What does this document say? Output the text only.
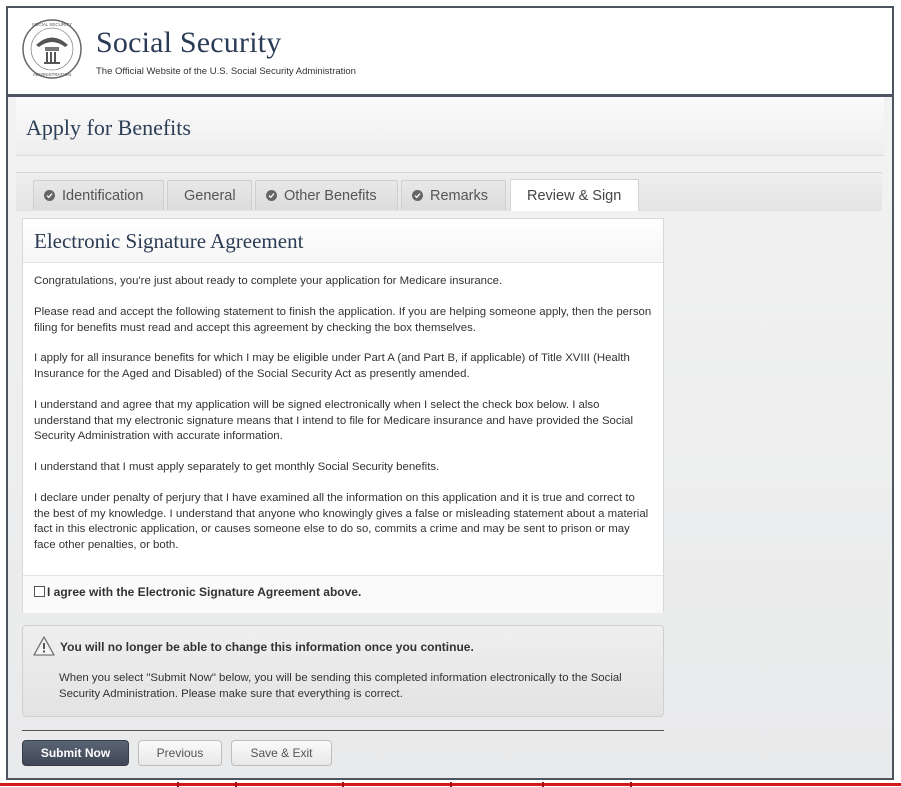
SOCIAL SECURITY
ADMINISTRATION
Social Security
The Official Website of the U.S. Social Security Administration
Apply for Benefits
Identification	General	Other Benefits	Remarks	Review & Sign
Electronic Signature Agreement
Congratulations, you're just about ready to complete your application for Medicare insurance.
Please read and accept the following statement to finish the application. If you are helping someone apply, then the person filing for benefits must read and accept this agreement by checking the box themselves.
I apply for all insurance benefits for which I may be eligible under Part A (and Part B, if applicable) of Title XVIII (Health Insurance for the Aged and Disabled) of the Social Security Act as presently amended.
I understand and agree that my application will be signed electronically when I select the check box below. I also understand that my electronic signature means that I intend to file for Medicare insurance and have provided the Social Security Administration with accurate information.
I understand that I must apply separately to get monthly Social Security benefits.
I declare under penalty of perjury that I have examined all the information on this application and it is true and correct to the best of my knowledge. I understand that anyone who knowingly gives a false or misleading statement about a material fact in this electronic application, or causes someone else to do so, commits a crime and may be sent to prison or may face other penalties, or both.
I agree with the Electronic Signature Agreement above.
You will no longer be able to change this information once you continue.
When you select "Submit Now" below, you will be sending this completed information electronically to the Social Security Administration. Please make sure that everything is correct.
Submit Now	Previous	Save & Exit
